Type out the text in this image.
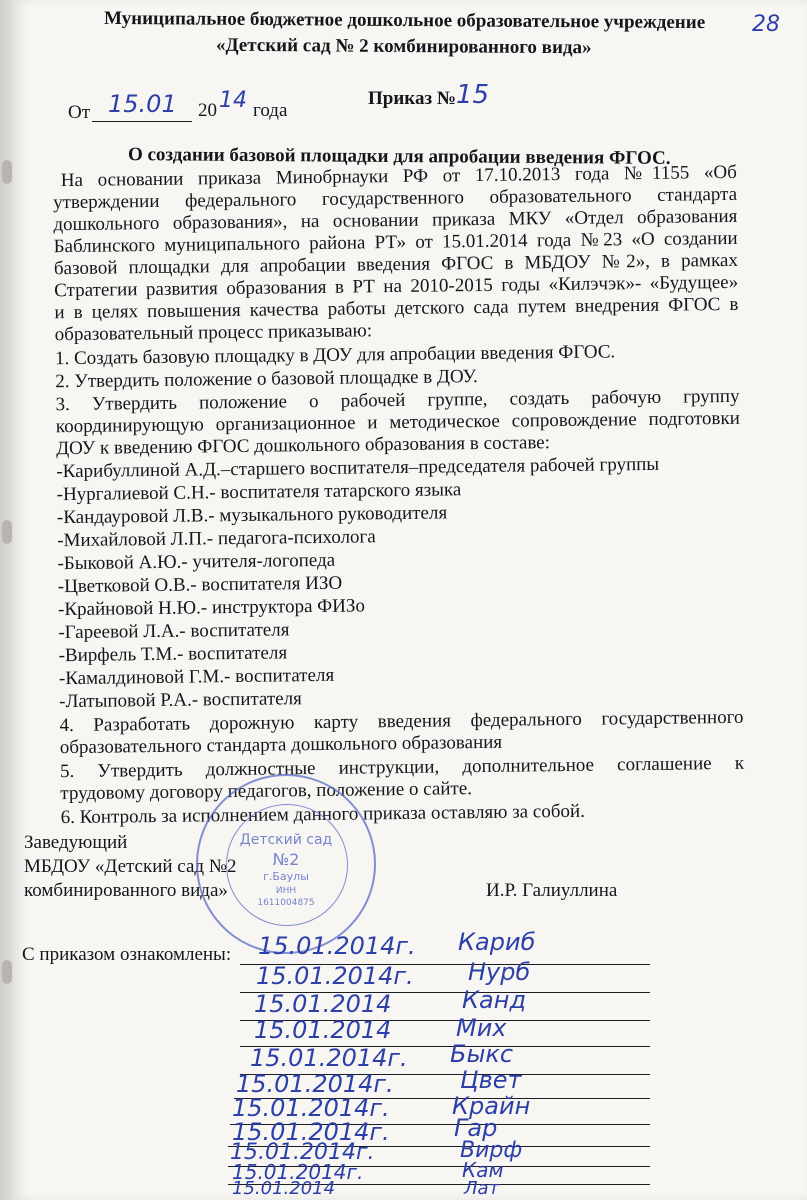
Муниципальное бюджетное дошкольное образовательное учреждение
«Детский сад № 2 комбинированного вида»
28
Приказ № 15
От 15.01 20 14 года
О создании базовой площадки для апробации введения ФГОС.
На основании приказа Минобрнауки РФ от 17.10.2013 года №1155 «Об
утверждении федерального государственного образовательного стандарта
дошкольного образования», на основании приказа МКУ «Отдел образования
Баблинского муниципального района РТ» от 15.01.2014 года №23 «О создании
базовой площадки для апробации введения ФГОС в МБДОУ №2», в рамках
Стратегии развития образования в РТ на 2010-2015 годы «Килэчэк»- «Будущее»
и в целях повышения качества работы детского сада путем внедрения ФГОС в
образовательный процесс приказываю:
1. Создать базовую площадку в ДОУ для апробации введения ФГОС.
2. Утвердить положение о базовой площадке в ДОУ.
3. Утвердить положение о рабочей группе, создать рабочую группу
координирующую организационное и методическое сопровождение подготовки
ДОУ к введению ФГОС дошкольного образования в составе:
-Карибуллиной А.Д.–старшего воспитателя–председателя рабочей группы
-Нургалиевой С.Н.- воспитателя татарского языка
-Кандауровой Л.В.- музыкального руководителя
-Михайловой Л.П.- педагога-психолога
-Быковой А.Ю.- учителя-логопеда
-Цветковой О.В.- воспитателя ИЗО
-Крайновой Н.Ю.- инструктора ФИЗо
-Гареевой Л.А.- воспитателя
-Вирфель Т.М.- воспитателя
-Камалдиновой Г.М.- воспитателя
-Латыповой Р.А.- воспитателя
4. Разработать дорожную карту введения федерального государственного
образовательного стандарта дошкольного образования
5. Утвердить должностные инструкции, дополнительное соглашение к
трудовому договору педагогов, положение о сайте.
6. Контроль за исполнением данного приказа оставляю за собой.
Заведующий
МБДОУ «Детский сад №2
комбинированного вида»	И.Р. Галиуллина
Детский сад
№2
г.Баулы
ИНН
1611004875
С приказом ознакомлены: 15.01.2014г. Кариб
15.01.2014г. Нурб
15.01.2014	Канд
15.01.2014	Мих
15.01.2014г. Быкс
15.01.2014г.	Цвет
15.01.2014г.	Крайн
15.01.2014г.	Гар
15.01.2014г.	Вирф
15.01.2014г.	Кам
15.01.2014	Лат
